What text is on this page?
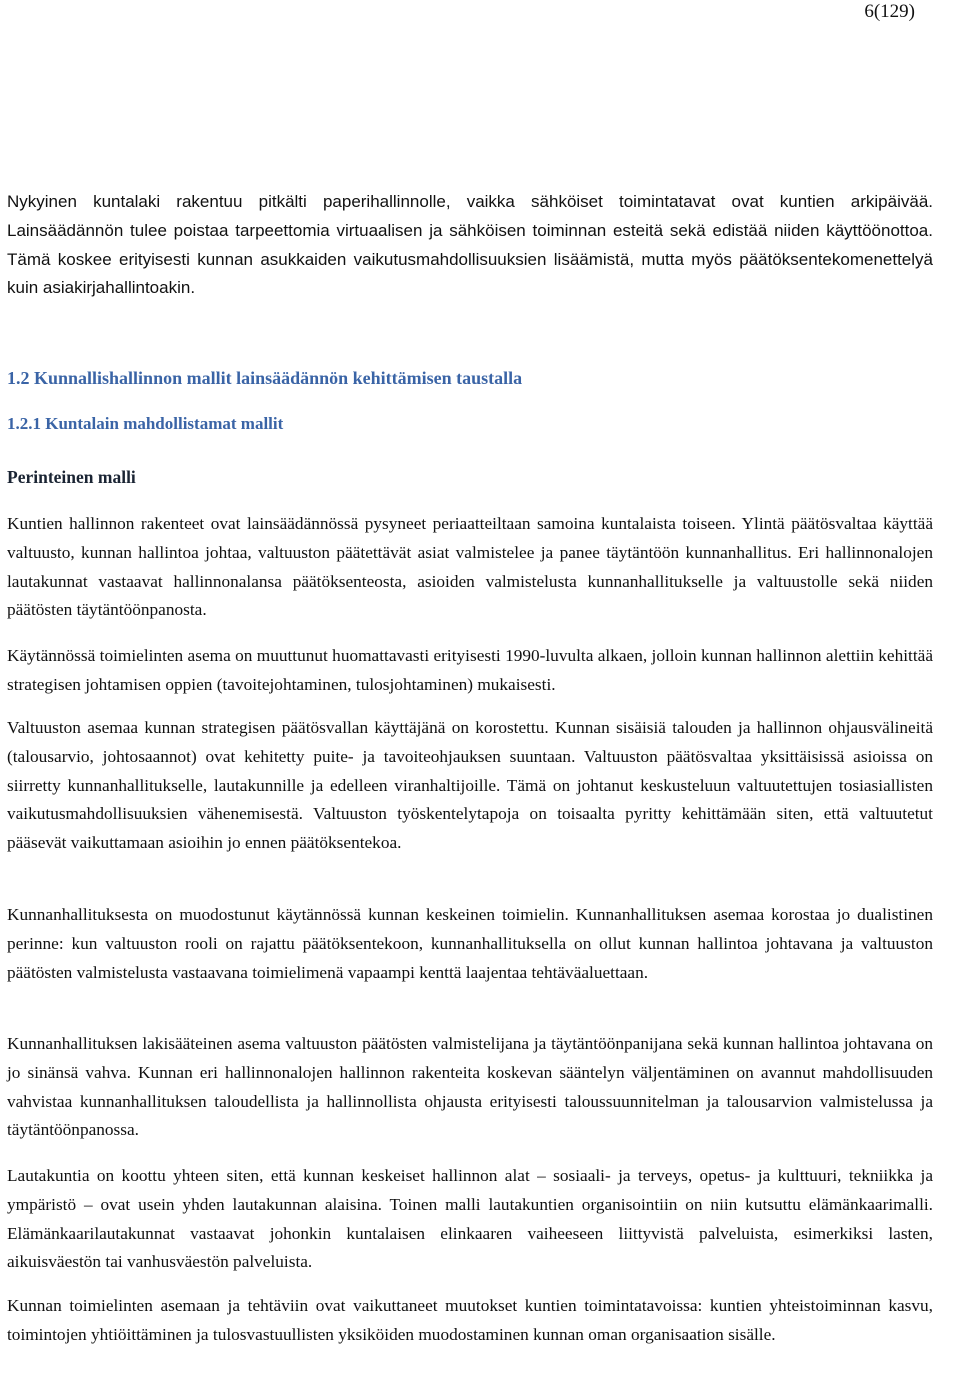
6(129)

Nykyinen kuntalaki rakentuu pitkälti paperihallinnolle, vaikka sähköiset toimintatavat ovat kuntien arkipäivää. Lainsäädännön tulee poistaa tarpeettomia virtuaalisen ja sähköisen toiminnan esteitä sekä edistää niiden käyttöönottoa. Tämä koskee erityisesti kunnan asukkaiden vaikutusmahdollisuuksien lisäämistä, mutta myös päätöksentekomenettelyä kuin asiakirjahallintoakin.

1.2 Kunnallishallinnon mallit lainsäädännön kehittämisen taustalla
1.2.1 Kuntalain mahdollistamat mallit
Perinteinen malli

Kuntien hallinnon rakenteet ovat lainsäädännössä pysyneet periaatteiltaan samoina kuntalaista toiseen. Ylintä päätösvaltaa käyttää valtuusto, kunnan hallintoa johtaa, valtuuston päätettävät asiat valmistelee ja panee täytäntöön kunnanhallitus. Eri hallinnonalojen lautakunnat vastaavat hallinnonalansa päätöksenteosta, asioiden valmistelusta kunnanhallitukselle ja valtuustolle sekä niiden päätösten täytäntöönpanosta.

Käytännössä toimielinten asema on muuttunut huomattavasti erityisesti 1990-luvulta alkaen, jolloin kunnan hallinnon alettiin kehittää strategisen johtamisen oppien (tavoitejohtaminen, tulosjohtaminen) mukaisesti.

Valtuuston asemaa kunnan strategisen päätösvallan käyttäjänä on korostettu. Kunnan sisäisiä talouden ja hallinnon ohjausvälineitä (talousarvio, johtosaannot) ovat kehitetty puite- ja tavoiteohjauksen suuntaan. Valtuuston päätösvaltaa yksittäisissä asioissa on siirretty kunnanhallitukselle, lautakunnille ja edelleen viranhaltijoille. Tämä on johtanut keskusteluun valtuutettujen tosiasiallisten vaikutusmahdollisuuksien vähenemisestä. Valtuuston työskentelytapoja on toisaalta pyritty kehittämään siten, että valtuutetut pääsevät vaikuttamaan asioihin jo ennen päätöksentekoa.

Kunnanhallituksesta on muodostunut käytännössä kunnan keskeinen toimielin. Kunnanhallituksen asemaa korostaa jo dualistinen perinne: kun valtuuston rooli on rajattu päätöksentekoon, kunnanhallituksella on ollut kunnan hallintoa johtavana ja valtuuston päätösten valmistelusta vastaavana toimielimenä vapaampi kenttä laajentaa tehtäväaluettaan.

Kunnanhallituksen lakisääteinen asema valtuuston päätösten valmistelijana ja täytäntöönpanijana sekä kunnan hallintoa johtavana on jo sinänsä vahva. Kunnan eri hallinnonalojen hallinnon rakenteita koskevan sääntelyn väljentäminen on avannut mahdollisuuden vahvistaa kunnanhallituksen taloudellista ja hallinnollista ohjausta erityisesti taloussuunnitelman ja talousarvion valmistelussa ja täytäntöönpanossa.

Lautakuntia on koottu yhteen siten, että kunnan keskeiset hallinnon alat – sosiaali- ja terveys, opetus- ja kulttuuri, tekniikka ja ympäristö – ovat usein yhden lautakunnan alaisina. Toinen malli lautakuntien organisointiin on niin kutsuttu elämänkaarimalli. Elämänkaarilautakunnat vastaavat johonkin kuntalaisen elinkaaren vaiheeseen liittyvistä palveluista, esimerkiksi lasten, aikuisväestön tai vanhusväestön palveluista.

Kunnan toimielinten asemaan ja tehtäviin ovat vaikuttaneet muutokset kuntien toimintatavoissa: kuntien yhteistoiminnan kasvu, toimintojen yhtiöittäminen ja tulosvastuullisten yksiköiden muodostaminen kunnan oman organisaation sisälle.
